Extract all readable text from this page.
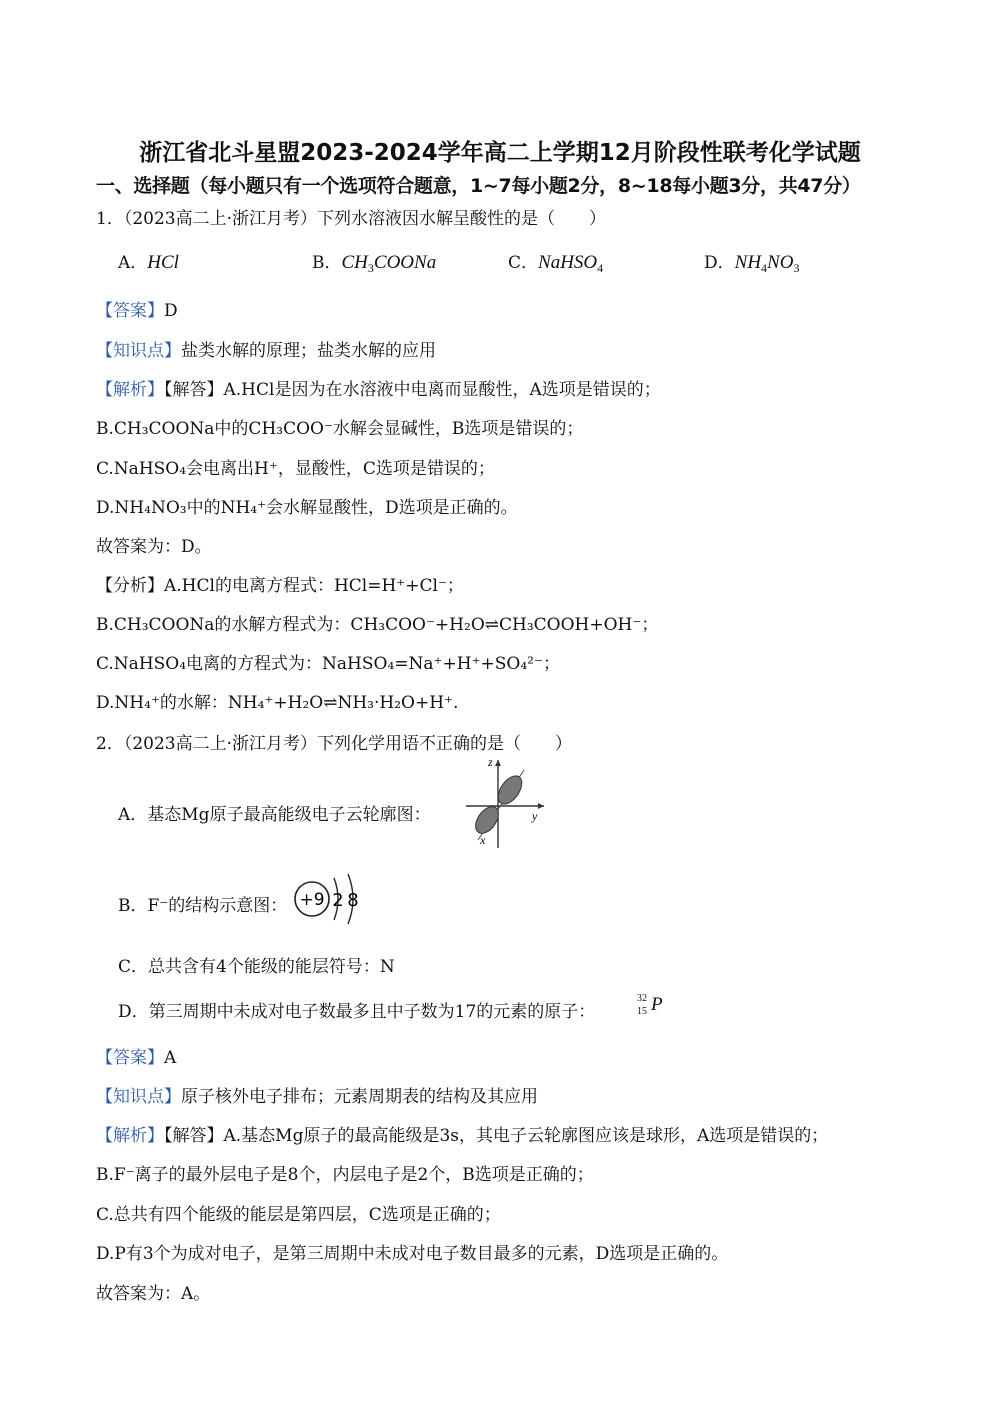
浙江省北斗星盟2023-2024学年高二上学期12月阶段性联考化学试题
一、选择题（每小题只有一个选项符合题意，1~7每小题2分，8~18每小题3分，共47分）
1．（2023高二上·浙江月考）下列水溶液因水解呈酸性的是（　　）
A．HCl	B．$CH_3COONa$	C．NaHSO$_4$	D．$NH_4NO_3$
【答案】D
【知识点】盐类水解的原理；盐类水解的应用
【解析】【解答】A.HCl是因为在水溶液中电离而显酸性，A选项是错误的；
B.CH₃COONa中的CH₃COO⁻水解会显碱性，B选项是错误的；
C.NaHSO₄会电离出H⁺，显酸性，C选项是错误的；
D.NH₄NO₃中的NH₄⁺会水解显酸性，D选项是正确的。
故答案为：D。
【分析】A.HCl的电离方程式：HCl=H⁺+Cl⁻；
B.CH₃COONa的水解方程式为：CH₃COO⁻+H₂O⇌CH₃COOH+OH⁻；
C.NaHSO₄电离的方程式为：NaHSO₄=Na⁺+H⁺+SO₄²⁻；
D.NH₄⁺的水解：NH₄⁺+H₂O⇌NH₃·H₂O+H⁺.
2．（2023高二上·浙江月考）下列化学用语不正确的是（　　）
A．基态Mg原子最高能级电子云轮廓图：
z
y
x
B．F⁻的结构示意图： +9 2 8
C．总共含有4个能级的能层符号：N
D．第三周期中未成对电子数最多且中子数为17的元素的原子：
32
15 P
【答案】A
【知识点】原子核外电子排布；元素周期表的结构及其应用
【解析】【解答】A.基态Mg原子的最高能级是3s，其电子云轮廓图应该是球形，A选项是错误的；
B.F⁻离子的最外层电子是8个，内层电子是2个，B选项是正确的；
C.总共有四个能级的能层是第四层，C选项是正确的；
D.P有3个为成对电子，是第三周期中未成对电子数目最多的元素，D选项是正确的。
故答案为：A。
